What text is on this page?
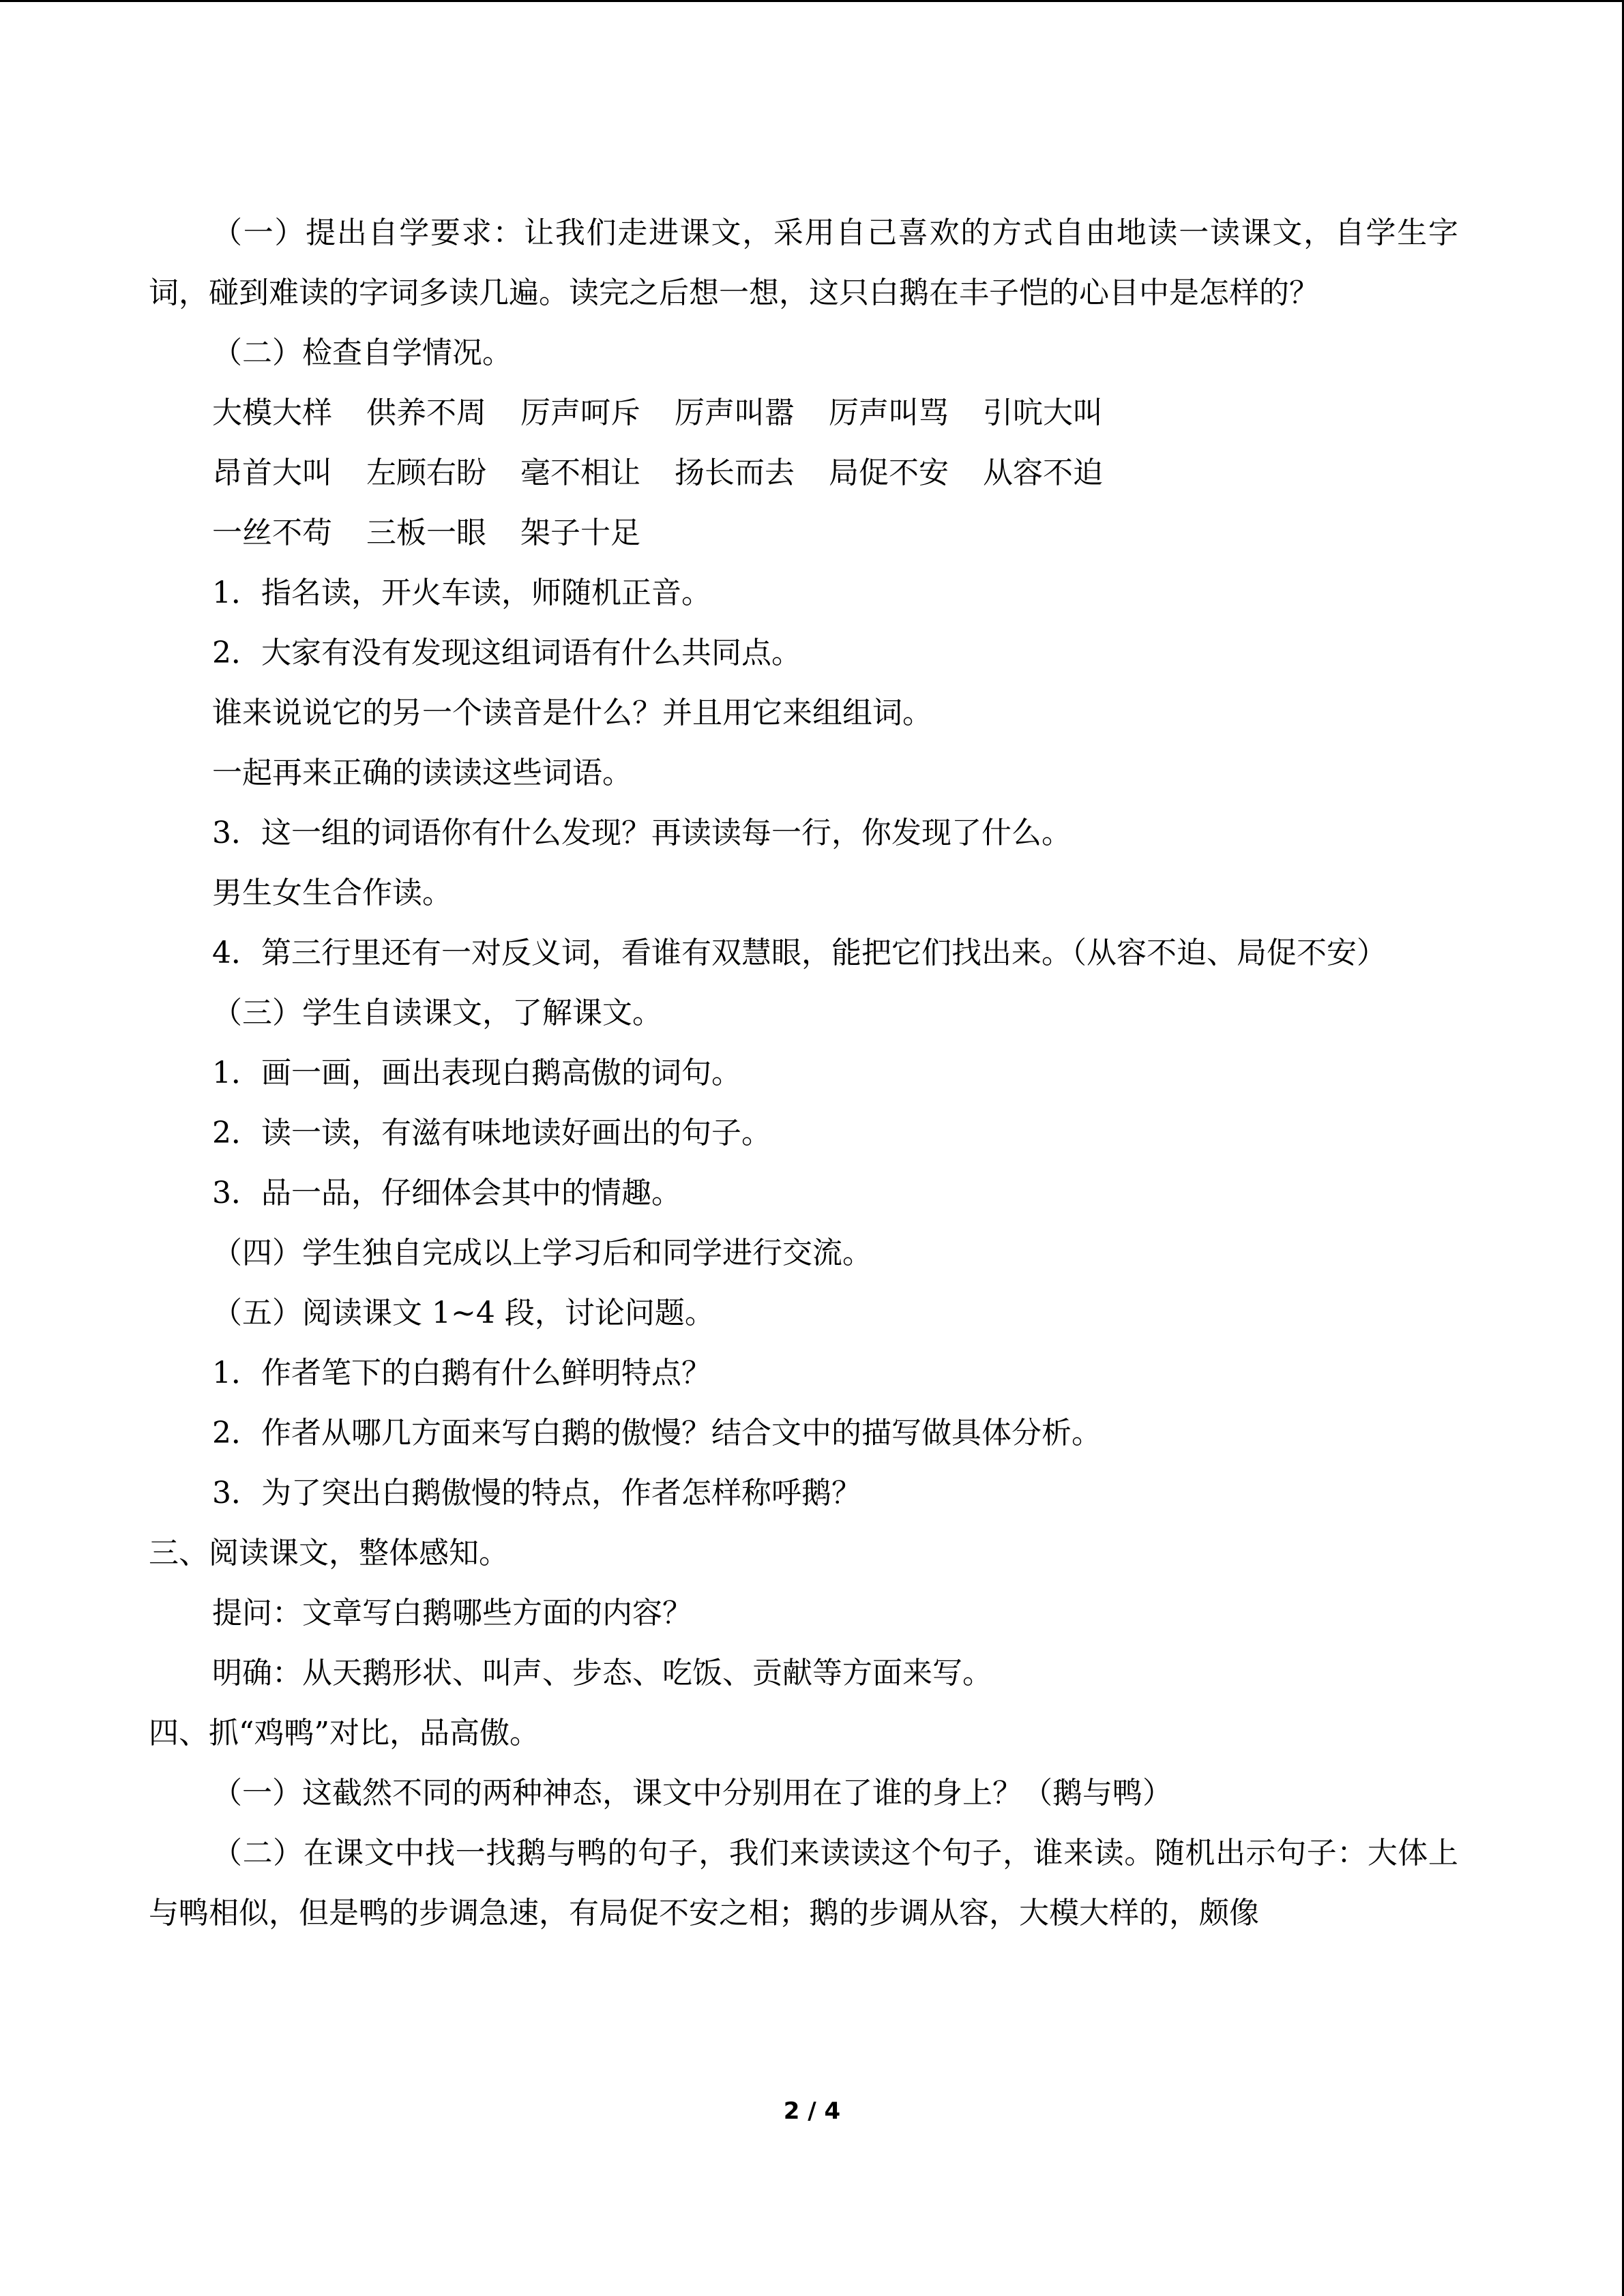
（一）提出自学要求：让我们走进课文，采用自己喜欢的方式自由地读一读课文，自学生字词，碰到难读的字词多读几遍。读完之后想一想，这只白鹅在丰子恺的心目中是怎样的？
（二）检查自学情况。
大模大样 供养不周 厉声呵斥 厉声叫嚣 厉声叫骂 引吭大叫
昂首大叫 左顾右盼 毫不相让 扬长而去 局促不安 从容不迫
一丝不苟 三板一眼 架子十足
1．指名读，开火车读，师随机正音。
2．大家有没有发现这组词语有什么共同点。
谁来说说它的另一个读音是什么？并且用它来组组词。
一起再来正确的读读这些词语。
3．这一组的词语你有什么发现？再读读每一行，你发现了什么。
男生女生合作读。
4．第三行里还有一对反义词，看谁有双慧眼，能把它们找出来。（从容不迫、局促不安）
（三）学生自读课文，了解课文。
1．画一画，画出表现白鹅高傲的词句。
2．读一读，有滋有味地读好画出的句子。
3．品一品，仔细体会其中的情趣。
（四）学生独自完成以上学习后和同学进行交流。
（五）阅读课文 1~4 段，讨论问题。
1．作者笔下的白鹅有什么鲜明特点？
2．作者从哪几方面来写白鹅的傲慢？结合文中的描写做具体分析。
3．为了突出白鹅傲慢的特点，作者怎样称呼鹅？
三、阅读课文，整体感知。
提问：文章写白鹅哪些方面的内容？
明确：从天鹅形状、叫声、步态、吃饭、贡献等方面来写。
四、抓“鸡鸭”对比，品高傲。
（一）这截然不同的两种神态，课文中分别用在了谁的身上？（鹅与鸭）
（二）在课文中找一找鹅与鸭的句子，我们来读读这个句子，谁来读。随机出示句子：大体上与鸭相似，但是鸭的步调急速，有局促不安之相；鹅的步调从容，大模大样的，颇像
2 / 4
